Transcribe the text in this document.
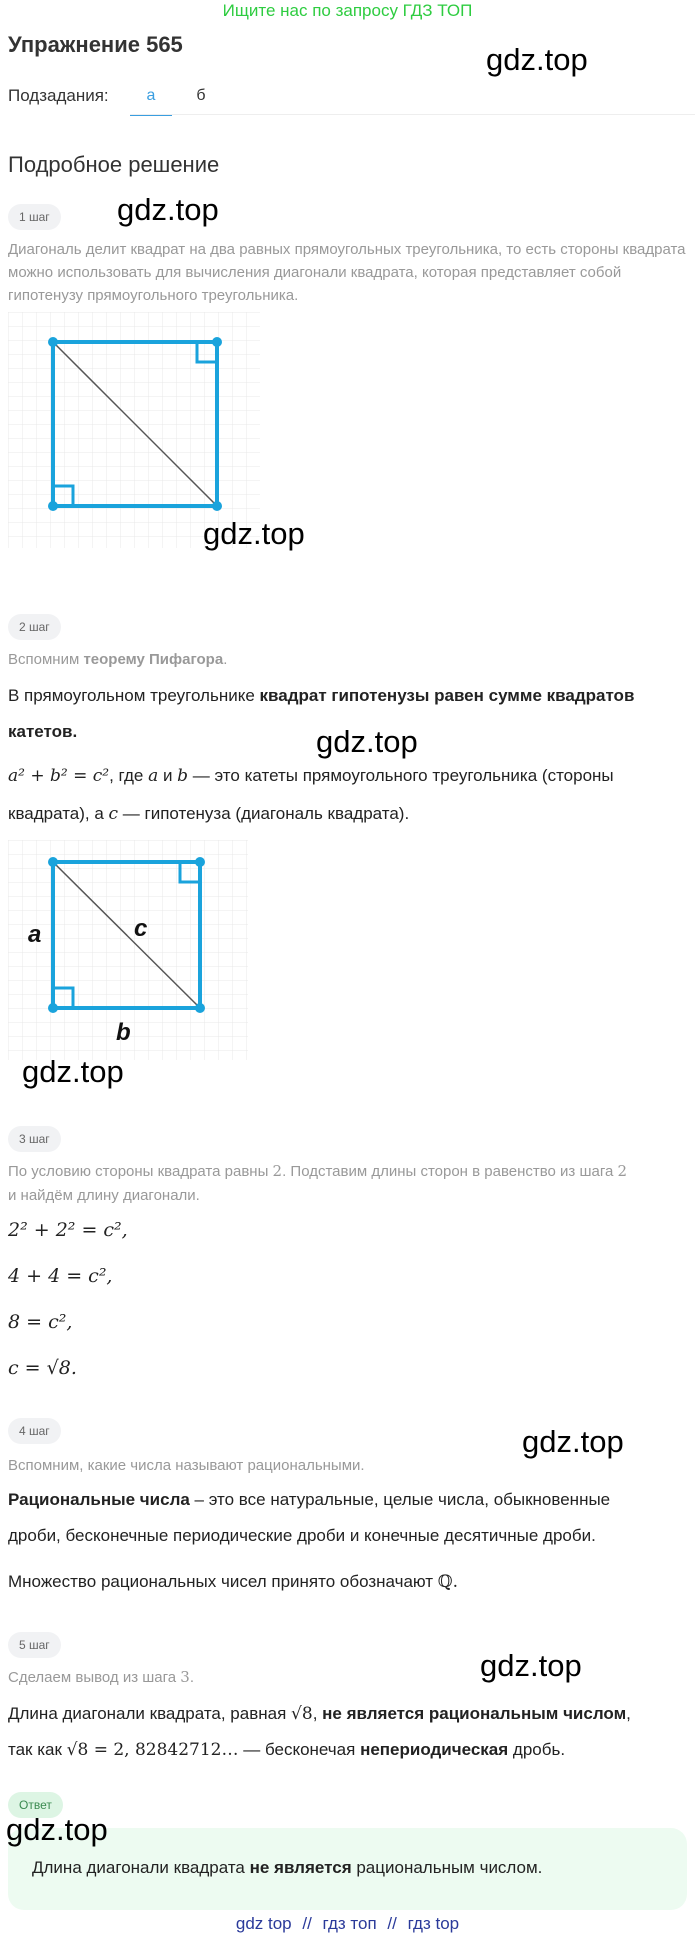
Ищите нас по запросу ГДЗ ТОП
Упражнение 565	gdz.top
Подзадания:	а	б
Подробное решение
1 шаг	gdz.top
Диагональ делит квадрат на два равных прямоугольных треугольника, то есть стороны квадрата можно использовать для вычисления диагонали квадрата, которая представляет собой гипотенузу прямоугольного треугольника.
gdz.top
2 шаг
Вспомним теорему Пифагора.
В прямоугольном треугольнике квадрат гипотенузы равен сумме квадратов катетов.	gdz.top
a² + b² = c², где a и b — это катеты прямоугольного треугольника (стороны
квадрата), а c — гипотенуза (диагональ квадрата).
a	c
b
gdz.top
3 шаг
По условию стороны квадрата равны 2. Подставим длины сторон в равенство из шага 2
и найдём длину диагонали.
2² + 2² = c²,
4 + 4 = c²,
8 = c²,
c = √8.
4 шаг	gdz.top
Вспомним, какие числа называют рациональными.
Рациональные числа – это все натуральные, целые числа, обыкновенные
дроби, бесконечные периодические дроби и конечные десятичные дроби.
Множество рациональных чисел принято обозначают ℚ.
5 шаг
gdz.top
Сделаем вывод из шага 3.
Длина диагонали квадрата, равная √8, не является рациональным числом,
так как √8 = 2, 82842712… — бесконечая непериодическая дробь.
Ответ
gdz.top
Длина диагонали квадрата не является рациональным числом.
gdz top // гдз топ // гдз top
